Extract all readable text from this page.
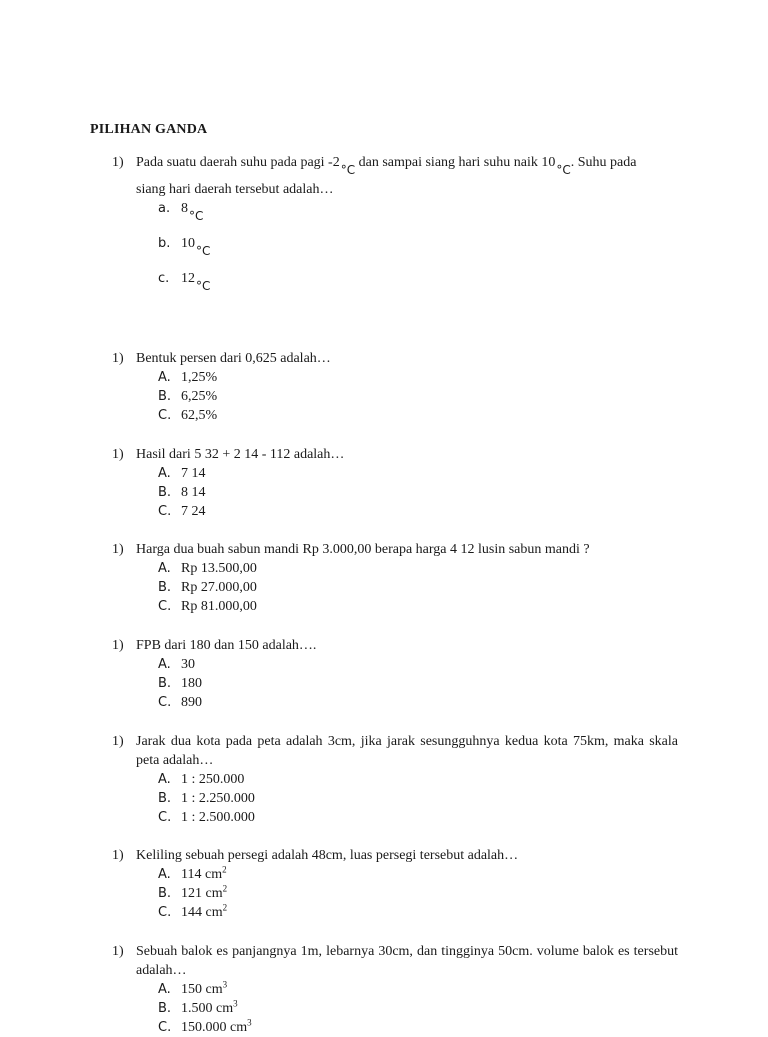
PILIHAN GANDA
1) Pada suatu daerah suhu pada pagi -2°C dan sampai siang hari suhu naik 10°C. Suhu pada
siang hari daerah tersebut adalah…
a. 8 °C
b. 10 °C
c. 12 °C
1) Bentuk persen dari 0,625 adalah…
A. 1,25%
B. 6,25%
C. 62,5%
1) Hasil dari 5 32 + 2 14 - 112 adalah…
A. 7 14
B. 8 14
C. 7 24
1) Harga dua buah sabun mandi Rp 3.000,00 berapa harga 4 12 lusin sabun mandi ?
A. Rp 13.500,00
B. Rp 27.000,00
C. Rp 81.000,00
1) FPB dari 180 dan 150 adalah….
A. 30
B. 180
C. 890
1) Jarak dua kota pada peta adalah 3cm, jika jarak sesungguhnya kedua kota 75km, maka skala peta adalah…
A. 1 : 250.000
B. 1 : 2.250.000
C. 1 : 2.500.000
1) Keliling sebuah persegi adalah 48cm, luas persegi tersebut adalah…
A. 114 $cm^2$
B. 121 $cm^2$
C. 144 $cm^2$
1) Sebuah balok es panjangnya 1m, lebarnya 30cm, dan tingginya 50cm. volume balok es tersebut adalah…
A. 150 $cm^3$
B. 1.500 $cm^3$
C. 150.000 $cm^3$
